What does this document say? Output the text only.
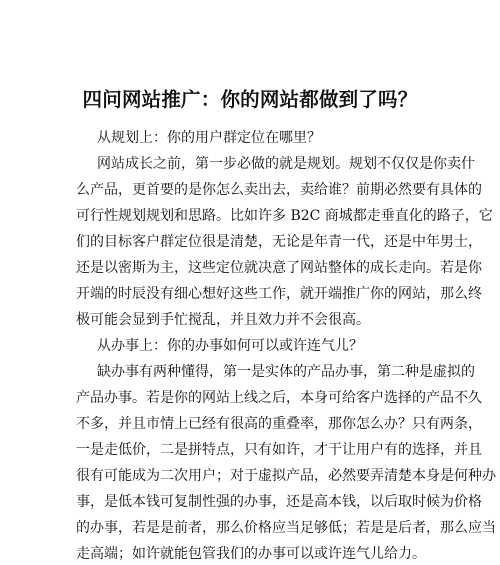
四问网站推广：你的网站都做到了吗？
从规划上：你的用户群定位在哪里？
网站成长之前，第一步必做的就是规划。规划不仅仅是你卖什
么产品，更首要的是你怎么卖出去，卖给谁？前期必然要有具体的
可行性规划规划和思路。比如许多 B2C 商城都走垂直化的路子，它
们的目标客户群定位很是清楚，无论是年青一代，还是中年男士，
还是以密斯为主，这些定位就决意了网站整体的成长走向。若是你
开端的时辰没有细心想好这些工作，就开端推广你的网站，那么终
极可能会显到手忙搅乱，并且效力并不会很高。
从办事上：你的办事如何可以或许连气儿？
缺办事有两种懂得，第一是实体的产品办事，第二种是虚拟的
产品办事。若是你的网站上线之后，本身可给客户选择的产品不久
不多，并且市情上已经有很高的重叠率，那你怎么办？只有两条，
一是走低价，二是拼特点，只有如许，才干让用户有的选择，并且
很有可能成为二次用户；对于虚拟产品，必然要弄清楚本身是何种办
事，是低本钱可复制性强的办事，还是高本钱，以后取时候为价格
的办事，若是是前者，那么价格应当足够低；若是是后者，那么应当
走高端；如许就能包管我们的办事可以或许连气儿给力。
